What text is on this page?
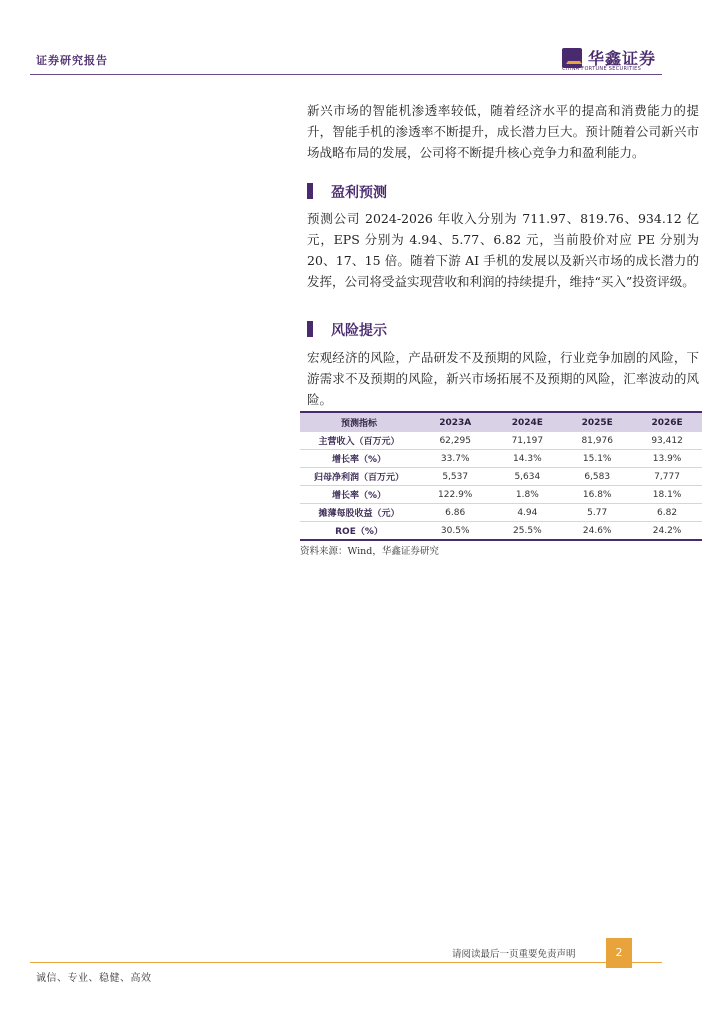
证券研究报告	华鑫证券
CHINA FORTUNE SECURITIES
新兴市场的智能机渗透率较低，随着经济水平的提高和消费能力的提升，智能手机的渗透率不断提升，成长潜力巨大。预计随着公司新兴市场战略布局的发展，公司将不断提升核心竞争力和盈利能力。
盈利预测
预测公司 2024-2026 年收入分别为 711.97、819.76、934.12 亿元，EPS 分别为 4.94、5.77、6.82 元，当前股价对应 PE 分别为 20、17、15 倍。随着下游 AI 手机的发展以及新兴市场的成长潜力的发挥，公司将受益实现营收和利润的持续提升，维持“买入”投资评级。
风险提示
宏观经济的风险，产品研发不及预期的风险，行业竞争加剧的风险，下游需求不及预期的风险，新兴市场拓展不及预期的风险，汇率波动的风险。
预测指标	2023A	2024E	2025E	2026E
主营收入（百万元）	62,295	71,197	81,976	93,412
增长率（%）	33.7%	14.3%	15.1%	13.9%
归母净利润（百万元）	5,537	5,634	6,583	7,777
增长率（%）	122.9%	1.8%	16.8%	18.1%
摊薄每股收益（元）	6.86	4.94	5.77	6.82
ROE（%）	30.5%	25.5%	24.6%	24.2%
资料来源：Wind，华鑫证券研究
请阅读最后一页重要免责声明	2
诚信、专业、稳健、高效
